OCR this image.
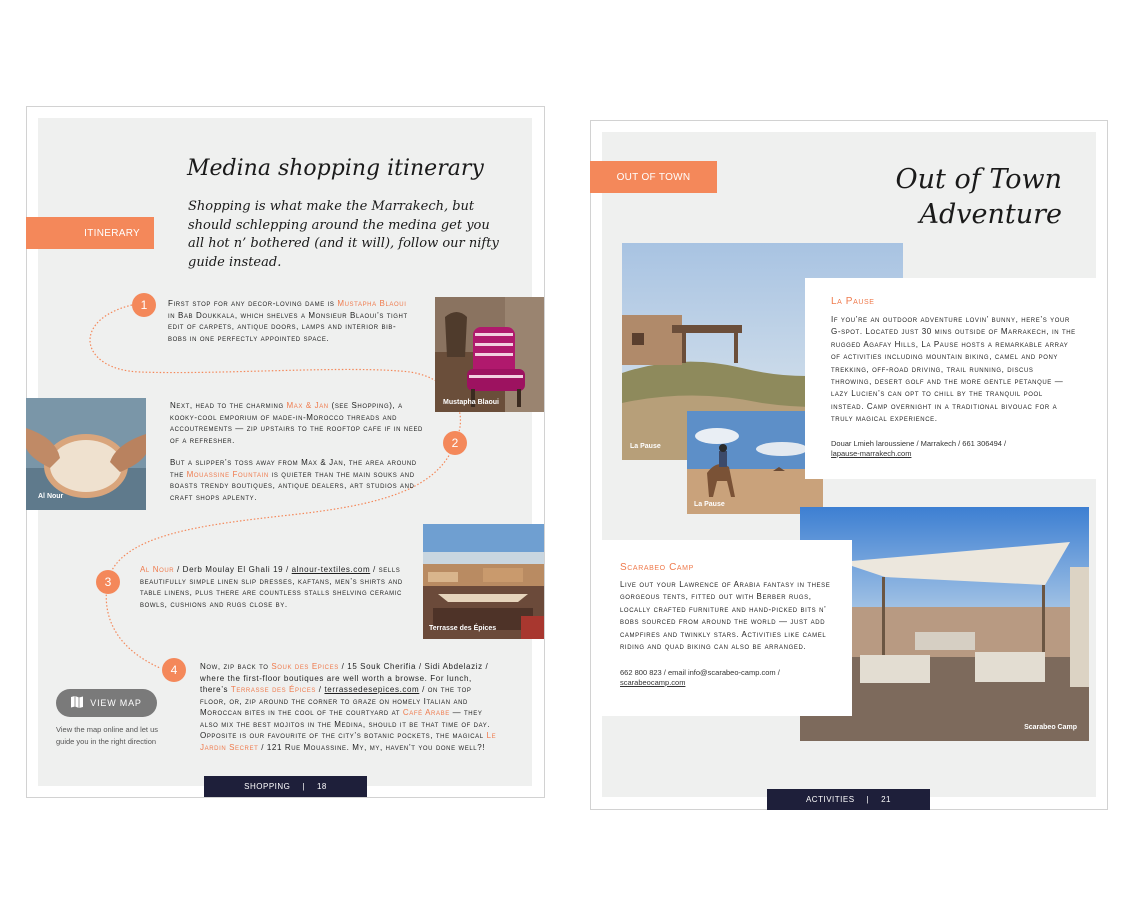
Medina shopping itinerary
Shopping is what make the Marrakech, but should schlepping around the medina get you all hot n’ bothered (and it will), follow our nifty guide instead.
ITINERARY
1
2
3
4
First stop for any decor-loving dame is Mustapha Blaoui in Bab Doukkala, which shelves a Monsieur Blaoui’s tight edit of carpets, antique doors, lamps and interior bib-bobs in one perfectly appointed space.
Next, head to the charming Max & Jan (see Shopping), a kooky-cool emporium of made-in-Morocco threads and accoutrements — zip upstairs to the rooftop cafe if in need of a refresher.
But a slipper’s toss away from Max & Jan, the area around the Mouassine Fountain is quieter than the main souks and boasts trendy boutiques, antique dealers, art studios and craft shops aplenty.
Al Nour / Derb Moulay El Ghali 19 / alnour-textiles.com / sells beautifully simple linen slip dresses, kaftans, men’s shirts and table linens, plus there are countless stalls shelving ceramic bowls, cushions and rugs close by.
Now, zip back to Souk des Epices / 15 Souk Cherifia / Sidi Abdelaziz / where the first-floor boutiques are well worth a browse. For lunch, there’s Terrasse des Épices / terrassedesepices.com / on the top floor, or, zip around the corner to graze on homely Italian and Moroccan bites in the cool of the courtyard at Café Arabe — they also mix the best mojitos in the Medina, should it be that time of day. Opposite is our favourite of the city’s botanic pockets, the magical Le Jardin Secret / 121 Rue Mouassine. My, my, haven’t you done well?!
Mustapha Blaoui
Al Nour
Terrasse des Épices
VIEW MAP
View the map online and let us guide you in the right direction
SHOPPING | 18
OUT OF TOWN	Out of Town
Adventure
La Pause
La Pause
La Pause
If you’re an outdoor adventure lovin’ bunny, here’s your G-spot. Located just 30 mins outside of Marrakech, in the rugged Agafay Hills, La Pause hosts a remarkable array of activities including mountain biking, camel and pony trekking, off-road driving, trail running, discus throwing, desert golf and the more gentle petanque — lazy Lucien’s can opt to chill by the tranquil pool instead. Camp overnight in a traditional bivouac for a truly magical experience.
Douar Lmieh laroussiene / Marrakech / 661 306494 /
lapause-marrakech.com
Scarabeo Camp
Scarabeo Camp
Live out your Lawrence of Arabia fantasy in these gorgeous tents, fitted out with Berber rugs, locally crafted furniture and hand-picked bits n’ bobs sourced from around the world — just add campfires and twinkly stars. Activities like camel riding and quad biking can also be arranged.
662 800 823 / email info@scarabeo-camp.com /
scarabeocamp.com
ACTIVITIES | 21
